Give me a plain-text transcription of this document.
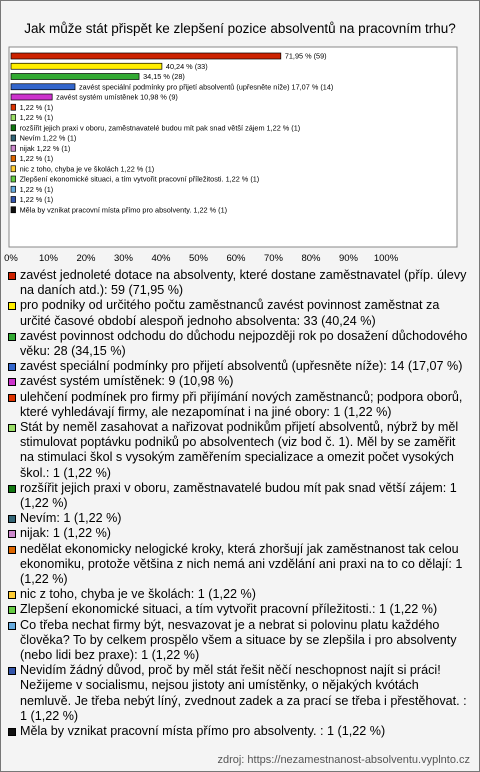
Jak může stát přispět ke zlepšení pozice absolventů na pracovním trhu?
71,95 % (59)
40,24 % (33)
34,15 % (28)
zavést speciální podmínky pro přijetí absolventů (upřesněte níže) 17,07 % (14)
zavést systém umístěnek 10,98 % (9)
1,22 % (1)
1,22 % (1)
rozšířit jejich praxi v oboru, zaměstnavatelé budou mít pak snad větší zájem 1,22 % (1)
Nevím 1,22 % (1)
nijak 1,22 % (1)
1,22 % (1)
nic z toho, chyba je ve školách 1,22 % (1)
Zlepšení ekonomické situaci, a tím vytvořit pracovní příležitosti. 1,22 % (1)
1,22 % (1)
1,22 % (1)
Měla by vznikat pracovní místa přímo pro absolventy. 1,22 % (1)
0% 10% 20% 30% 40% 50% 60% 70% 80% 90% 100%
zavést jednoleté dotace na absolventy, které dostane zaměstnavatel (příp. úlevy na daních atd.): 59 (71,95 %)
pro podniky od určitého počtu zaměstnanců zavést povinnost zaměstnat za určité časové období alespoň jednoho absolventa: 33 (40,24 %)
zavést povinnost odchodu do důchodu nejpozději rok po dosažení důchodového věku: 28 (34,15 %)
zavést speciální podmínky pro přijetí absolventů (upřesněte níže): 14 (17,07 %)
zavést systém umístěnek: 9 (10,98 %)
ulehčení podmínek pro firmy při přijímání nových zaměstnanců; podpora oborů, které vyhledávají firmy, ale nezapomínat i na jiné obory: 1 (1,22 %)
Stát by neměl zasahovat a nařizovat podnikům přijetí absolventů, nýbrž by měl stimulovat poptávku podniků po absolventech (viz bod č. 1). Měl by se zaměřit na stimulaci škol s vysokým zaměřením specializace a omezit počet vysokých škol.: 1 (1,22 %)
rozšířit jejich praxi v oboru, zaměstnavatelé budou mít pak snad větší zájem: 1 (1,22 %)
Nevím: 1 (1,22 %)
nijak: 1 (1,22 %)
nedělat ekonomicky nelogické kroky, která zhoršují jak zaměstnanost tak celou ekonomiku, protože většina z nich nemá ani vzdělání ani praxi na to co dělají: 1 (1,22 %)
nic z toho, chyba je ve školách: 1 (1,22 %)
Zlepšení ekonomické situaci, a tím vytvořit pracovní příležitosti.: 1 (1,22 %)
Co třeba nechat firmy být, nesvazovat je a nebrat si polovinu platu každého člověka? To by celkem prospělo všem a situace by se zlepšila i pro absolventy (nebo lidi bez praxe): 1 (1,22 %)
Nevidím žádný důvod, proč by měl stát řešit něčí neschopnost najít si práci! Nežijeme v socialismu, nejsou jistoty ani umístěnky, o nějakých kvótách nemluvě. Je třeba nebýt líný, zvednout zadek a za prací se třeba i přestěhovat. : 1 (1,22 %)
Měla by vznikat pracovní místa přímo pro absolventy. : 1 (1,22 %)
zdroj: https://nezamestnanost-absolventu.vyplnto.cz
